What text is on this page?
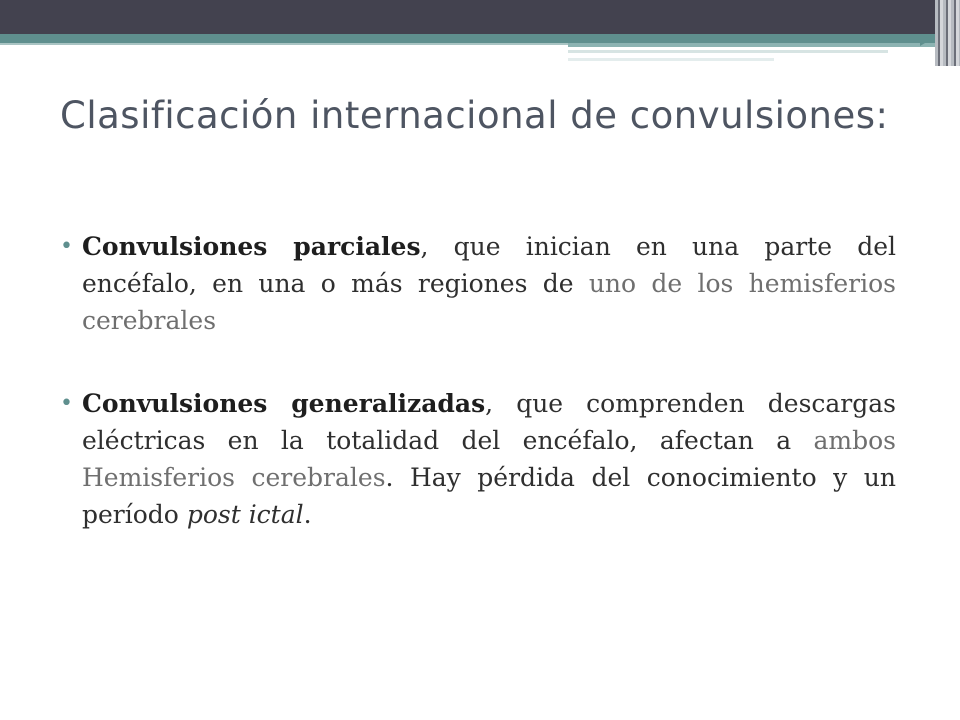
Clasificación internacional de convulsiones:

• Convulsiones parciales, que inician en una parte del encéfalo, en una o más regiones de uno de los hemisferios cerebrales

• Convulsiones generalizadas, que comprenden descargas eléctricas en la totalidad del encéfalo, afectan a ambos Hemisferios cerebrales. Hay pérdida del conocimiento y un período post ictal.
